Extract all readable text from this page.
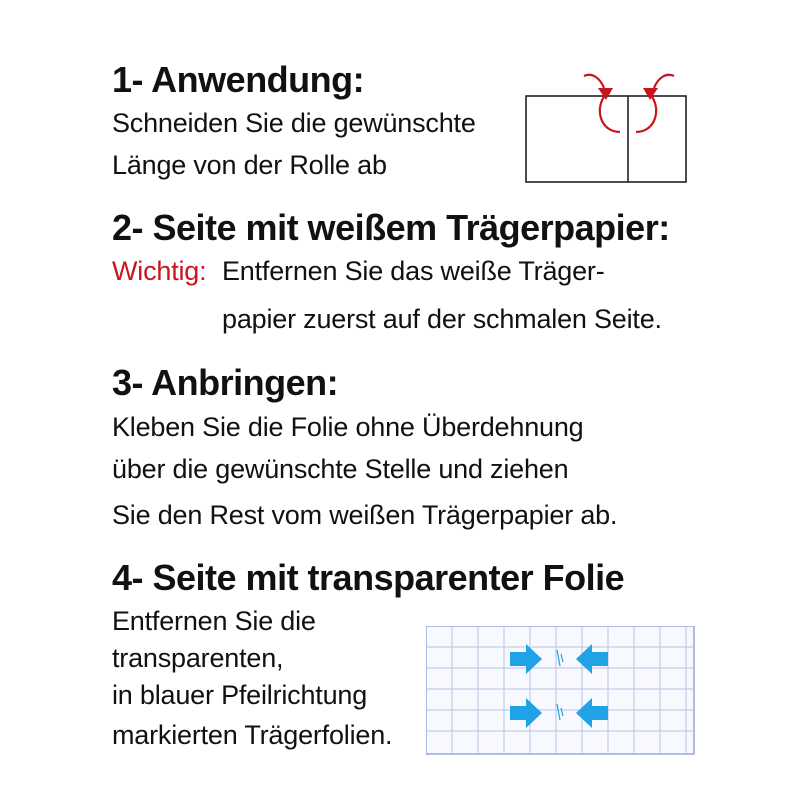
1- Anwendung:
Schneiden Sie die gewünschte
Länge von der Rolle ab
2- Seite mit weißem Trägerpapier:
Wichtig: Entfernen Sie das weiße Träger-
papier zuerst auf der schmalen Seite.
3- Anbringen:
Kleben Sie die Folie ohne Überdehnung
über die gewünschte Stelle und ziehen
Sie den Rest vom weißen Trägerpapier ab.
4- Seite mit transparenter Folie
Entfernen Sie die
transparenten,
in blauer Pfeilrichtung
markierten Trägerfolien.
